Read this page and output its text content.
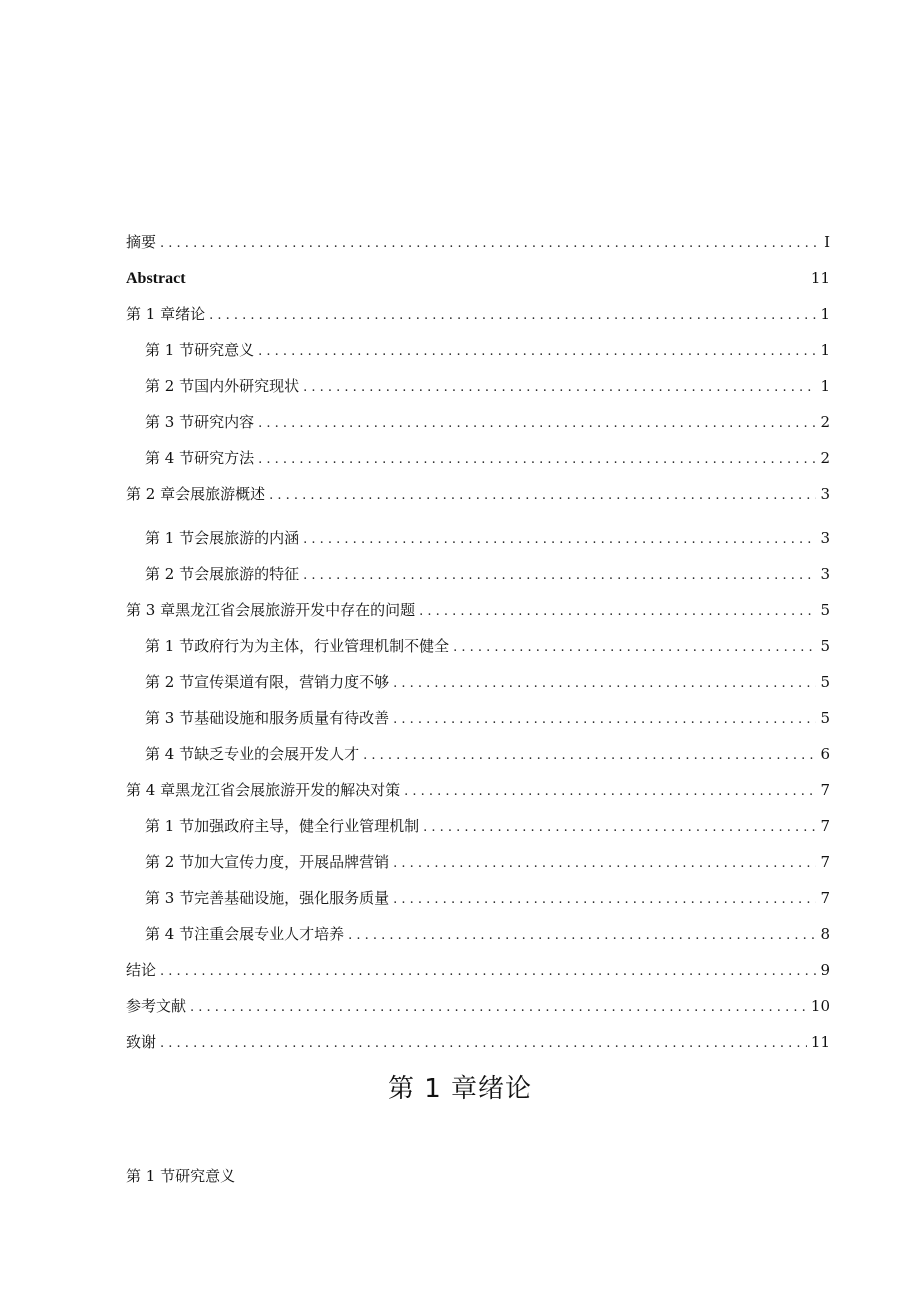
摘要 . . .	I
Abstract	11
第 1 章绪论 . . .	1
第 1 节研究意义 . . .	1
第 2 节国内外研究现状 . . .	1
第 3 节研究内容 . . .	2
第 4 节研究方法 . . .	2
第 2 章会展旅游概述 . . .	3
第 1 节会展旅游的内涵 . . .	3
第 2 节会展旅游的特征 . . .	3
第 3 章黑龙江省会展旅游开发中存在的问题 . . .	5
第 1 节政府行为为主体，行业管理机制不健全 . . .	5
第 2 节宣传渠道有限，营销力度不够 . . .	5
第 3 节基础设施和服务质量有待改善 . . .	5
第 4 节缺乏专业的会展开发人才 . . .	6
第 4 章黑龙江省会展旅游开发的解决对策 . . .	7
第 1 节加强政府主导，健全行业管理机制 . . .	7
第 2 节加大宣传力度，开展品牌营销 . . .	7
第 3 节完善基础设施，强化服务质量 . . .	7
第 4 节注重会展专业人才培养 . . .	8
结论 . . .	9
参考文献 . . .	10
致谢 . . .	11
第 1 章绪论
第 1 节研究意义
